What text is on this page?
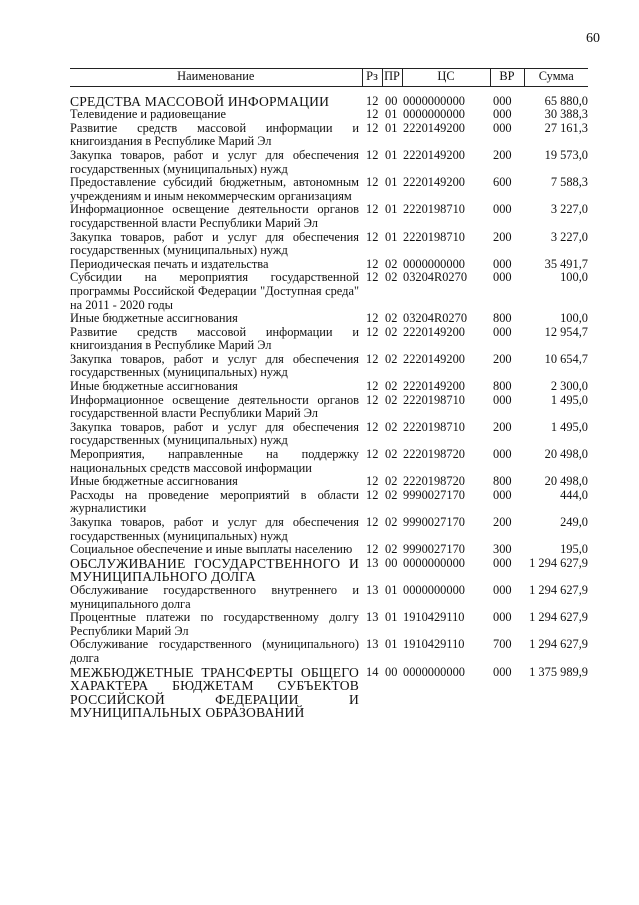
60
Наименование	Рз	ПР	ЦС	ВР	Сумма

СРЕДСТВА МАССОВОЙ ИНФОРМАЦИИ	12	00	0000000000	000	65 880,0
Телевидение и радиовещание	12	01	0000000000	000	30 388,3
Развитие средств массовой информации и книгоиздания в Республике Марий Эл	12	01	2220149200	000	27 161,3
Закупка товаров, работ и услуг для обеспечения государственных (муниципальных) нужд	12	01	2220149200	200	19 573,0
Предоставление субсидий бюджетным, автономным учреждениям и иным некоммерческим организациям	12	01	2220149200	600	7 588,3
Информационное освещение деятельности органов государственной власти Республики Марий Эл	12	01	2220198710	000	3 227,0
Закупка товаров, работ и услуг для обеспечения государственных (муниципальных) нужд	12	01	2220198710	200	3 227,0
Периодическая печать и издательства	12	02	0000000000	000	35 491,7
Субсидии на мероприятия государственной программы Российской Федерации "Доступная среда" на 2011 - 2020 годы	12	02	03204R0270	000	100,0
Иные бюджетные ассигнования	12	02	03204R0270	800	100,0
Развитие средств массовой информации и книгоиздания в Республике Марий Эл	12	02	2220149200	000	12 954,7
Закупка товаров, работ и услуг для обеспечения государственных (муниципальных) нужд	12	02	2220149200	200	10 654,7
Иные бюджетные ассигнования	12	02	2220149200	800	2 300,0
Информационное освещение деятельности органов государственной власти Республики Марий Эл	12	02	2220198710	000	1 495,0
Закупка товаров, работ и услуг для обеспечения государственных (муниципальных) нужд	12	02	2220198710	200	1 495,0
Мероприятия, направленные на поддержку национальных средств массовой информации	12	02	2220198720	000	20 498,0
Иные бюджетные ассигнования	12	02	2220198720	800	20 498,0
Расходы на проведение мероприятий в области журналистики	12	02	9990027170	000	444,0
Закупка товаров, работ и услуг для обеспечения государственных (муниципальных) нужд	12	02	9990027170	200	249,0
Социальное обеспечение и иные выплаты населению	12	02	9990027170	300	195,0
ОБСЛУЖИВАНИЕ ГОСУДАРСТВЕННОГО И МУНИЦИПАЛЬНОГО ДОЛГА	13	00	0000000000	000	1 294 627,9
Обслуживание государственного внутреннего и муниципального долга	13	01	0000000000	000	1 294 627,9
Процентные платежи по государственному долгу Республики Марий Эл	13	01	1910429110	000	1 294 627,9
Обслуживание государственного (муниципального) долга	13	01	1910429110	700	1 294 627,9
МЕЖБЮДЖЕТНЫЕ ТРАНСФЕРТЫ ОБЩЕГО ХАРАКТЕРА БЮДЖЕТАМ СУБЪЕКТОВ РОССИЙСКОЙ ФЕДЕРАЦИИ И МУНИЦИПАЛЬНЫХ ОБРАЗОВАНИЙ	14	00	0000000000	000	1 375 989,9
